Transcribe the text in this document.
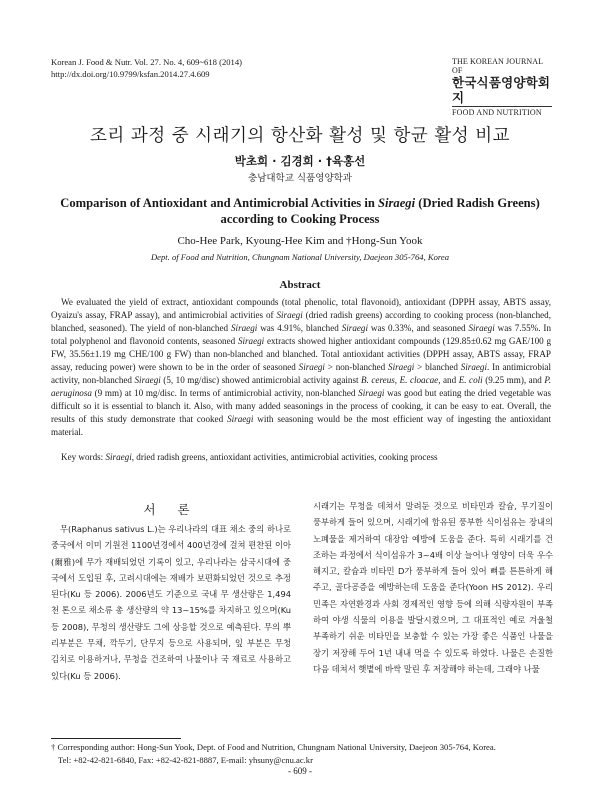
Korean J. Food & Nutr. Vol. 27. No. 4, 609~618 (2014)
http://dx.doi.org/10.9799/ksfan.2014.27.4.609
THE KOREAN JOURNAL OF
한국식품영양학회지
FOOD AND NUTRITION
조리 과정 중 시래기의 항산화 활성 및 항균 활성 비교
박초희 · 김경희 · †육홍선
충남대학교 식품영양학과
Comparison of Antioxidant and Antimicrobial Activities in Siraegi (Dried Radish Greens)
according to Cooking Process
Cho-Hee Park, Kyoung-Hee Kim and †Hong-Sun Yook
Dept. of Food and Nutrition, Chungnam National University, Daejeon 305-764, Korea
Abstract

We evaluated the yield of extract, antioxidant compounds (total phenolic, total flavonoid), antioxidant (DPPH assay, ABTS assay, Oyaizu's assay, FRAP assay), and antimicrobial activities of Siraegi (dried radish greens) according to cooking process (non-blanched, blanched, seasoned). The yield of non-blanched Siraegi was 4.91%, blanched Siraegi was 0.33%, and seasoned Siraegi was 7.55%. In total polyphenol and flavonoid contents, seasoned Siraegi extracts showed higher antioxidant compounds (129.85±0.62 mg GAE/100 g FW, 35.56±1.19 mg CHE/100 g FW) than non-blanched and blanched. Total antioxidant activities (DPPH assay, ABTS assay, FRAP assay, reducing power) were shown to be in the order of seasoned Siraegi > non-blanched Siraegi > blanched Siraegi. In antimicrobial activity, non-blanched Siraegi (5, 10 mg/disc) showed antimicrobial activity against B. cereus, E. cloacae, and E. coli (9.25 mm), and P. aeruginosa (9 mm) at 10 mg/disc. In terms of antimicrobial activity, non-blanched Siraegi was good but eating the dried vegetable was difficult so it is essential to blanch it. Also, with many added seasonings in the process of cooking, it can be easy to eat. Overall, the results of this study demonstrate that cooked Siraegi with seasoning would be the most efficient way of ingesting the antioxidant material.

Key words: Siraegi, dried radish greens, antioxidant activities, antimicrobial activities, cooking process
서 론

무(Raphanus sativus L.)는 우리나라의 대표 채소 중의 하나로 중국에서 이미 기원전 1100년경에서 400년경에 걸쳐 편찬된 이아(爾雅)에 무가 재배되었던 기록이 있고, 우리나라는 삼국시대에 중국에서 도입된 후, 고려시대에는 재배가 보편화되었던 것으로 추정된다(Ku 등 2006). 2006년도 기준으로 국내 무 생산량은 1,494천 톤으로 채소류 총 생산량의 약 13~15%를 차지하고 있으며(Ku 등 2008), 무청의 생산량도 그에 상응할 것으로 예측된다. 무의 뿌리부분은 무채, 깍두기, 단무지 등으로 사용되며, 잎 부분은 무청 김치로 이용하거나, 무청을 건조하여 나물이나 국 재료로 사용하고 있다(Ku 등 2006).

시래기는 무청을 데쳐서 말려둔 것으로 비타민과 칼슘, 무기질이 풍부하게 들어 있으며, 시래기에 함유된 풍부한 식이섬유는 장내의 노폐물을 제거하여 대장암 예방에 도움을 준다. 특히 시래기를 건조하는 과정에서 식이섬유가 3~4배 이상 늘어나 영양이 더욱 우수해지고, 칼슘과 비타민 D가 풍부하게 들어 있어 뼈를 튼튼하게 해주고, 골다공증을 예방하는데 도움을 준다(Yoon HS 2012). 우리 민족은 자연환경과 사회 경제적인 영향 등에 의해 식량자원이 부족하여 야생 식물의 이용을 발달시켰으며, 그 대표적인 예로 겨울철 부족하기 쉬운 비타민을 보충할 수 있는 가장 좋은 식품인 나물을 장기 저장해 두어 1년 내내 먹을 수 있도록 하였다. 나물은 손질한 다음 데쳐서 햇볕에 바싹 말린 후 저장해야 하는데, 그래야 나물

† Corresponding author: Hong-Sun Yook, Dept. of Food and Nutrition, Chungnam National University, Daejeon 305-764, Korea.
Tel: +82-42-821-6840, Fax: +82-42-821-8887, E-mail: yhsuny@cnu.ac.kr
- 609 -
